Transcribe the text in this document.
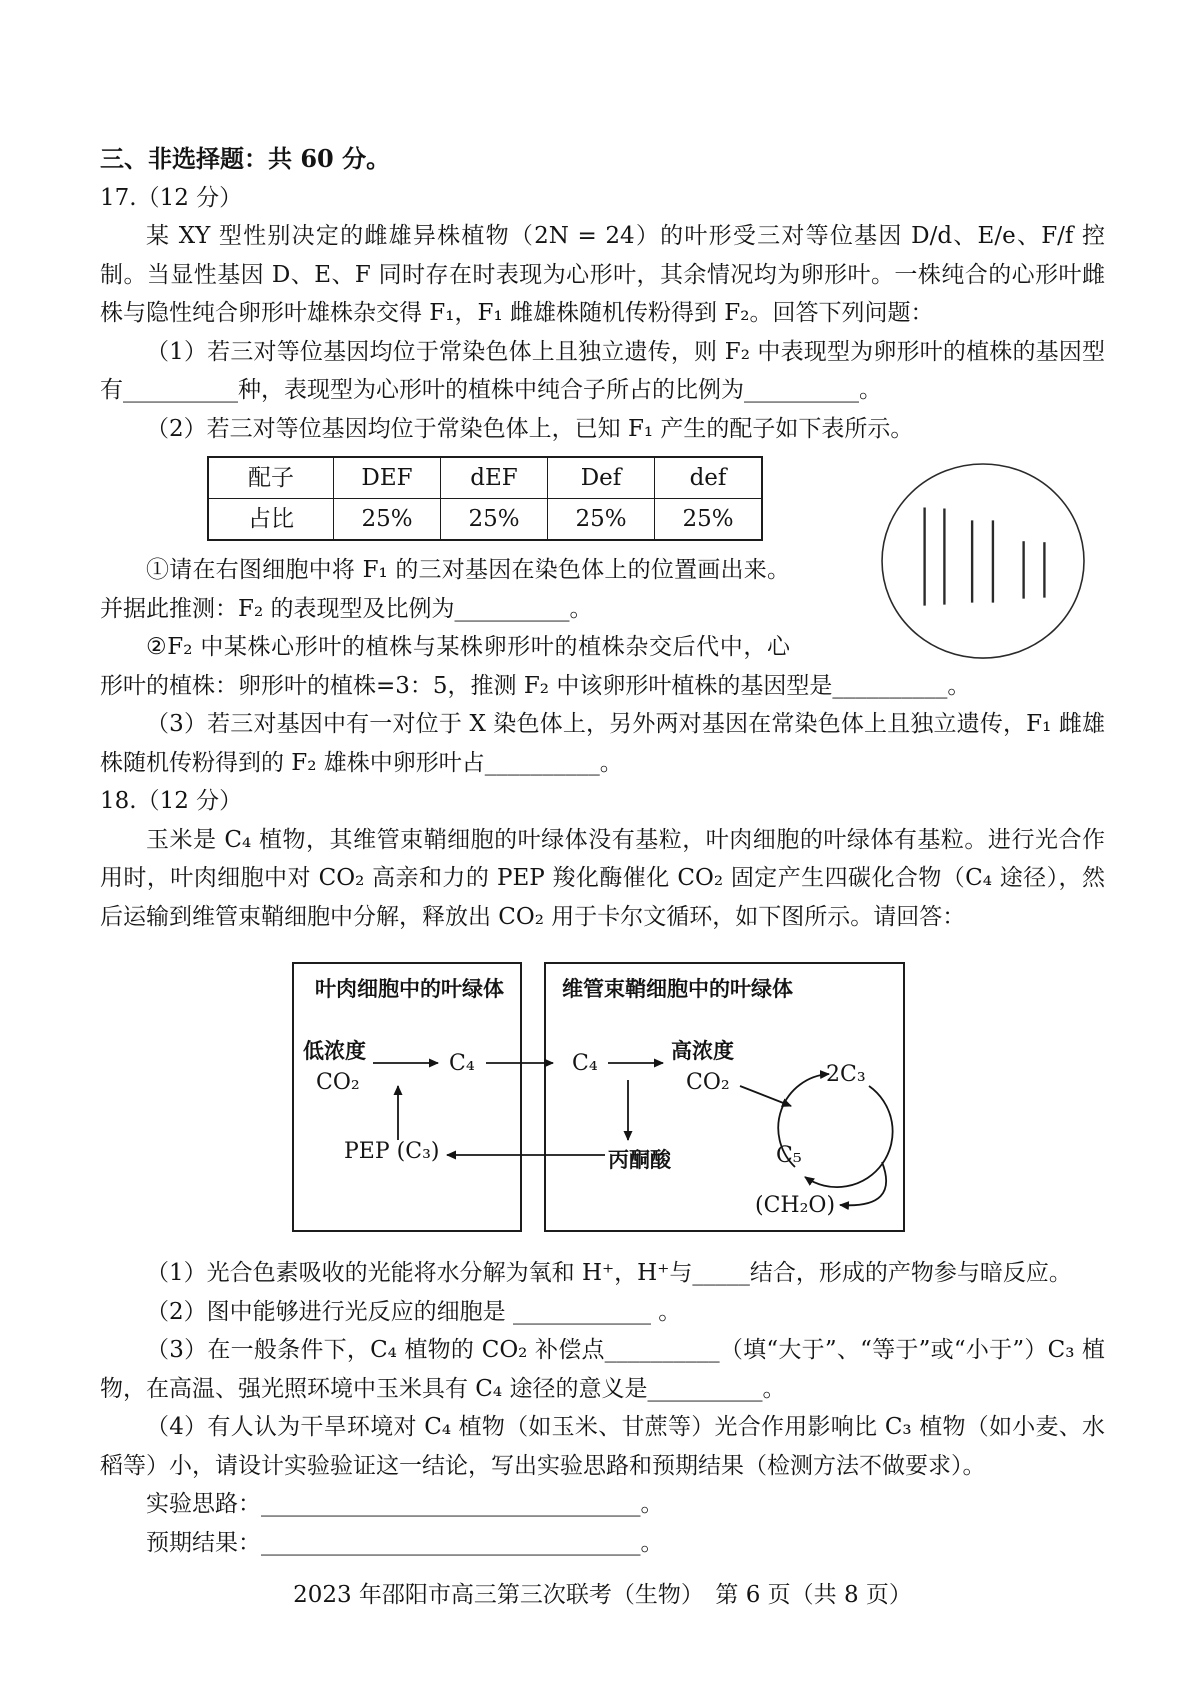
三、非选择题：共 60 分。

17.（12 分）

某 XY 型性别决定的雌雄异株植物（2N = 24）的叶形受三对等位基因 D/d、E/e、F/f 控制。当显性基因 D、E、F 同时存在时表现为心形叶，其余情况均为卵形叶。一株纯合的心形叶雌株与隐性纯合卵形叶雄株杂交得 F₁，F₁ 雌雄株随机传粉得到 F₂。回答下列问题：

（1）若三对等位基因均位于常染色体上且独立遗传，则 F₂ 中表现型为卵形叶的植株的基因型有__________种，表现型为心形叶的植株中纯合子所占的比例为__________。

（2）若三对等位基因均位于常染色体上，已知 F₁ 产生的配子如下表所示。

配子	DEF	dEF	Def	def
占比	25%	25%	25%	25%

①请在右图细胞中将 F₁ 的三对基因在染色体上的位置画出来。并据此推测：F₂ 的表现型及比例为__________。

②F₂ 中某株心形叶的植株与某株卵形叶的植株杂交后代中，心形叶的植株：卵形叶的植株=3：5，推测 F₂ 中该卵形叶植株的基因型是__________。

（3）若三对基因中有一对位于 X 染色体上，另外两对基因在常染色体上且独立遗传，F₁ 雌雄株随机传粉得到的 F₂ 雄株中卵形叶占__________。

18.（12 分）

玉米是 C₄ 植物，其维管束鞘细胞的叶绿体没有基粒，叶肉细胞的叶绿体有基粒。进行光合作用时，叶肉细胞中对 CO₂ 高亲和力的 PEP 羧化酶催化 CO₂ 固定产生四碳化合物（C₄ 途径），然后运输到维管束鞘细胞中分解，释放出 CO₂ 用于卡尔文循环，如下图所示。请回答：

叶肉细胞中的叶绿体	维管束鞘细胞中的叶绿体
低浓度
CO₂
C₄
PEP (C₃)
C₄	高浓度
CO₂
丙酮酸
2C₃
C₅
(CH₂O)

（1）光合色素吸收的光能将水分解为氧和 H⁺，H⁺与_____结合，形成的产物参与暗反应。

（2）图中能够进行光反应的细胞是 ____________ 。

（3）在一般条件下，C₄ 植物的 CO₂ 补偿点__________（填“大于”、“等于”或“小于”）C₃ 植物，在高温、强光照环境中玉米具有 C₄ 途径的意义是__________。

（4）有人认为干旱环境对 C₄ 植物（如玉米、甘蔗等）光合作用影响比 C₃ 植物（如小麦、水稻等）小，请设计实验验证这一结论，写出实验思路和预期结果（检测方法不做要求）。

实验思路：_________________________________。

预期结果：_________________________________。

2023 年邵阳市高三第三次联考（生物）　第 6 页（共 8 页）
